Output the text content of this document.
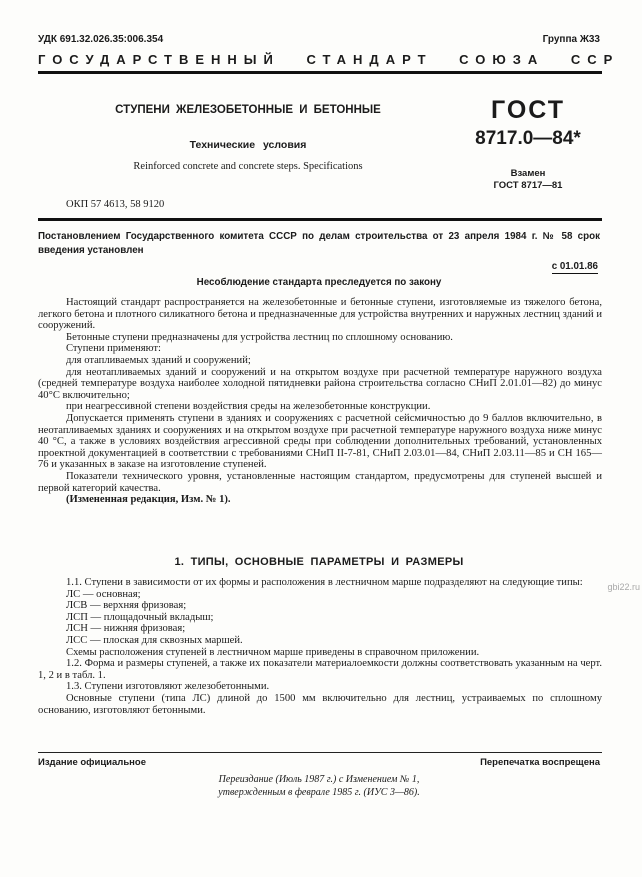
УДК 691.32.026.35:006.354	Группа Ж33
ГОСУДАРСТВЕННЫЙ СТАНДАРТ СОЮЗА ССР
СТУПЕНИ ЖЕЛЕЗОБЕТОННЫЕ И БЕТОННЫЕ
Технические условия
Reinforced concrete and concrete steps. Specifications
ГОСТ
8717.0—84*
Взамен
ГОСТ 8717—81
ОКП 57 4613, 58 9120
Постановлением Государственного комитета СССР по делам строительства от 23 апреля 1984 г. № 58 срок введения установлен
с 01.01.86
Несоблюдение стандарта преследуется по закону

Настоящий стандарт распространяется на железобетонные и бетонные ступени, изготовляемые из тяжелого бетона, легкого бетона и плотного силикатного бетона и предназначенные для устройства внутренних и наружных лестниц зданий и сооружений.

Бетонные ступени предназначены для устройства лестниц по сплошному основанию.

Ступени применяют:

для отапливаемых зданий и сооружений;

для неотапливаемых зданий и сооружений и на открытом воздухе при расчетной температуре наружного воздуха (средней температуре воздуха наиболее холодной пятидневки района строительства согласно СНиП 2.01.01—82) до минус 40°С включительно;

при неагрессивной степени воздействия среды на железобетонные конструкции.

Допускается применять ступени в зданиях и сооружениях с расчетной сейсмичностью до 9 баллов включительно, в неотапливаемых зданиях и сооружениях и на открытом воздухе при расчетной температуре наружного воздуха ниже минус 40 °С, а также в условиях воздействия агрессивной среды при соблюдении дополнительных требований, установленных проектной документацией в соответствии с требованиями СНиП II-7-81, СНиП 2.03.01—84, СНиП 2.03.11—85 и СН 165—76 и указанных в заказе на изготовление ступеней.

Показатели технического уровня, установленные настоящим стандартом, предусмотрены для ступеней высшей и первой категорий качества.

(Измененная редакция, Изм. № 1).

1. ТИПЫ, ОСНОВНЫЕ ПАРАМЕТРЫ И РАЗМЕРЫ

1.1. Ступени в зависимости от их формы и расположения в лестничном марше подразделяют на следующие типы:

ЛС — основная;

ЛСВ — верхняя фризовая;

ЛСП — площадочный вкладыш;

ЛСН — нижняя фризовая;

ЛСС — плоская для сквозных маршей.

Схемы расположения ступеней в лестничном марше приведены в справочном приложении.

1.2. Форма и размеры ступеней, а также их показатели материалоемкости должны соответствовать указанным на черт. 1, 2 и в табл. 1.

1.3. Ступени изготовляют железобетонными.

Основные ступени (типа ЛС) длиной до 1500 мм включительно для лестниц, устраиваемых по сплошному основанию, изготовляют бетонными.

gbi22.ru
Издание официальное	Перепечатка воспрещена
Переиздание (Июль 1987 г.) с Изменением № 1,
утвержденным в феврале 1985 г. (ИУС 3—86).
